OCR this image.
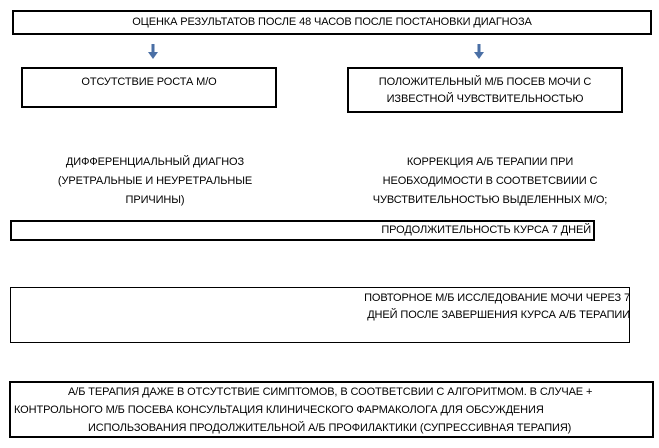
ОЦЕНКА РЕЗУЛЬТАТОВ ПОСЛЕ 48 ЧАСОВ ПОСЛЕ ПОСТАНОВКИ ДИАГНОЗА
ОТСУТСТВИЕ РОСТА М/О	ПОЛОЖИТЕЛЬНЫЙ М/Б ПОСЕВ МОЧИ С
ИЗВЕСТНОЙ ЧУВСТВИТЕЛЬНОСТЬЮ
ДИФФЕРЕНЦИАЛЬНЫЙ ДИАГНОЗ
(УРЕТРАЛЬНЫЕ И НЕУРЕТРАЛЬНЫЕ
ПРИЧИНЫ)
КОРРЕКЦИЯ А/Б ТЕРАПИИ ПРИ
НЕОБХОДИМОСТИ В СООТВЕТСВИИИ С
ЧУВСТВИТЕЛЬНОСТЬЮ ВЫДЕЛЕННЫХ М/О;
ПРОДОЛЖИТЕЛЬНОСТЬ КУРСА 7 ДНЕЙ
ПОВТОРНОЕ М/Б ИССЛЕДОВАНИЕ МОЧИ ЧЕРЕЗ 7
ДНЕЙ ПОСЛЕ ЗАВЕРШЕНИЯ КУРСА А/Б ТЕРАПИИ
А/Б ТЕРАПИЯ ДАЖЕ В ОТСУТСТВИЕ СИМПТОМОВ, В СООТВЕТСВИИ С АЛГОРИТМОМ. В СЛУЧАЕ +
КОНТРОЛЬНОГО М/Б ПОСЕВА КОНСУЛЬТАЦИЯ КЛИНИЧЕСКОГО ФАРМАКОЛОГА ДЛЯ ОБСУЖДЕНИЯ
ИСПОЛЬЗОВАНИЯ ПРОДОЛЖИТЕЛЬНОЙ А/Б ПРОФИЛАКТИКИ (СУПРЕССИВНАЯ ТЕРАПИЯ)
